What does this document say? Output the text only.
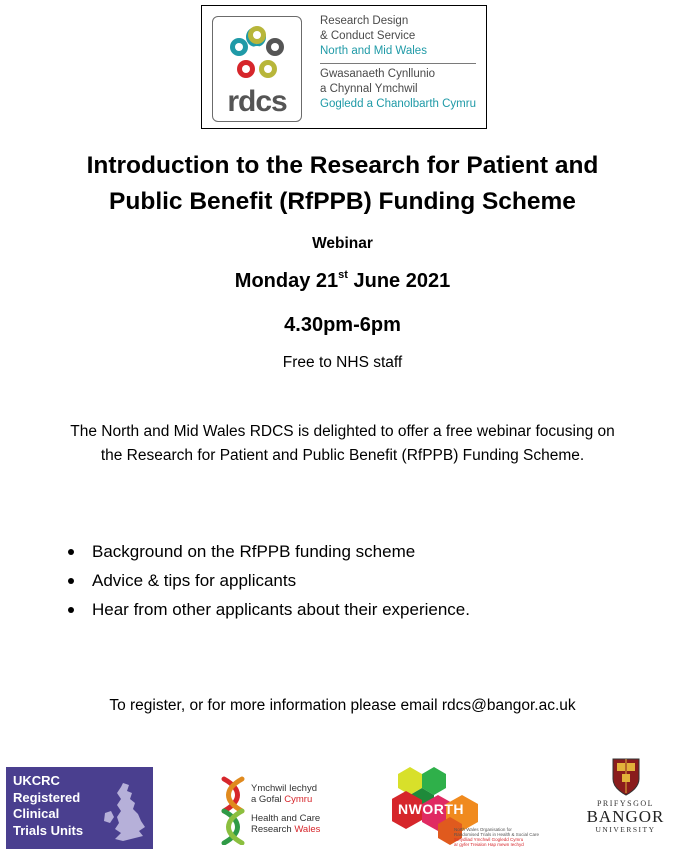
rdcs
Research Design
& Conduct Service
North and Mid Wales
Gwasanaeth Cynllunio
a Chynnal Ymchwil
Gogledd a Chanolbarth Cymru
Introduction to the Research for Patient and
Public Benefit (RfPPB) Funding Scheme
Webinar
Monday 21st June 2021
4.30pm-6pm
Free to NHS staff
The North and Mid Wales RDCS is delighted to offer a free webinar focusing on
the Research for Patient and Public Benefit (RfPPB) Funding Scheme.
Background on the RfPPB funding scheme
Advice & tips for applicants
Hear from other applicants about their experience.
To register, or for more information please email rdcs@bangor.ac.uk
UKCRC
Registered
Clinical
Trials Units
Ymchwil Iechyd
a Gofal Cymru
Health and Care
Research Wales
NWORTH
North Wales Organisation for
Randomised Trials in Health & Social Care
Sefydliad Ymchwil Gogledd Cymru
ar gyfer Treialon Hap mewn Iechyd
PRIFYSGOL
BANGOR
UNIVERSITY
